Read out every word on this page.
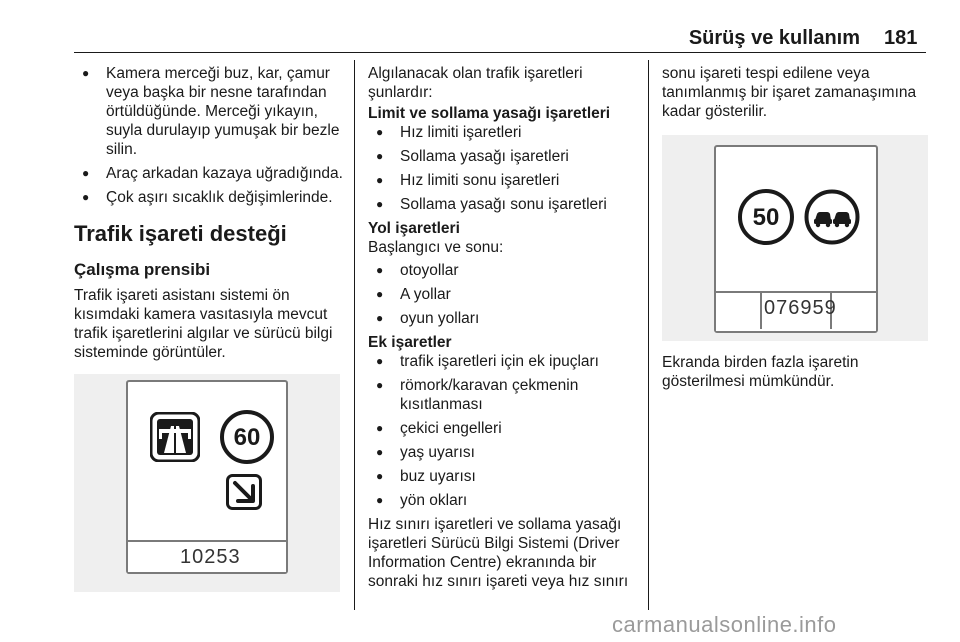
Sürüş ve kullanım 181
● Kamera merceği buz, kar, çamur veya başka bir nesne tarafından örtüldüğünde. Merceği yıkayın, suyla durulayıp yumuşak bir bezle silin.
● Araç arkadan kazaya uğradığında.
● Çok aşırı sıcaklık değişimlerinde.
Trafik işareti desteği
Çalışma prensibi

Trafik işareti asistanı sistemi ön kısımdaki kamera vasıtasıyla mevcut trafik işaretlerini algılar ve sürücü bilgi sisteminde görüntüler.

60
10253

Algılanacak olan trafik işaretleri şunlardır:

Limit ve sollama yasağı işaretleri
● Hız limiti işaretleri
● Sollama yasağı işaretleri
● Hız limiti sonu işaretleri
● Sollama yasağı sonu işaretleri
Yol işaretleri

Başlangıcı ve sonu:

● otoyollar
● A yollar
● oyun yolları
Ek işaretler
● trafik işaretleri için ek ipuçları
● römork/karavan çekmenin kısıtlanması
● çekici engelleri
● yaş uyarısı
● buz uyarısı
● yön okları

Hız sınırı işaretleri ve sollama yasağı işaretleri Sürücü Bilgi Sistemi (Driver Information Centre) ekranında bir sonraki hız sınırı işareti veya hız sınırı

sonu işareti tespi edilene veya tanımlanmış bir işaret zamanaşımına kadar gösterilir.

50
076959

Ekranda birden fazla işaretin gösterilmesi mümkündür.

carmanualsonline.info
